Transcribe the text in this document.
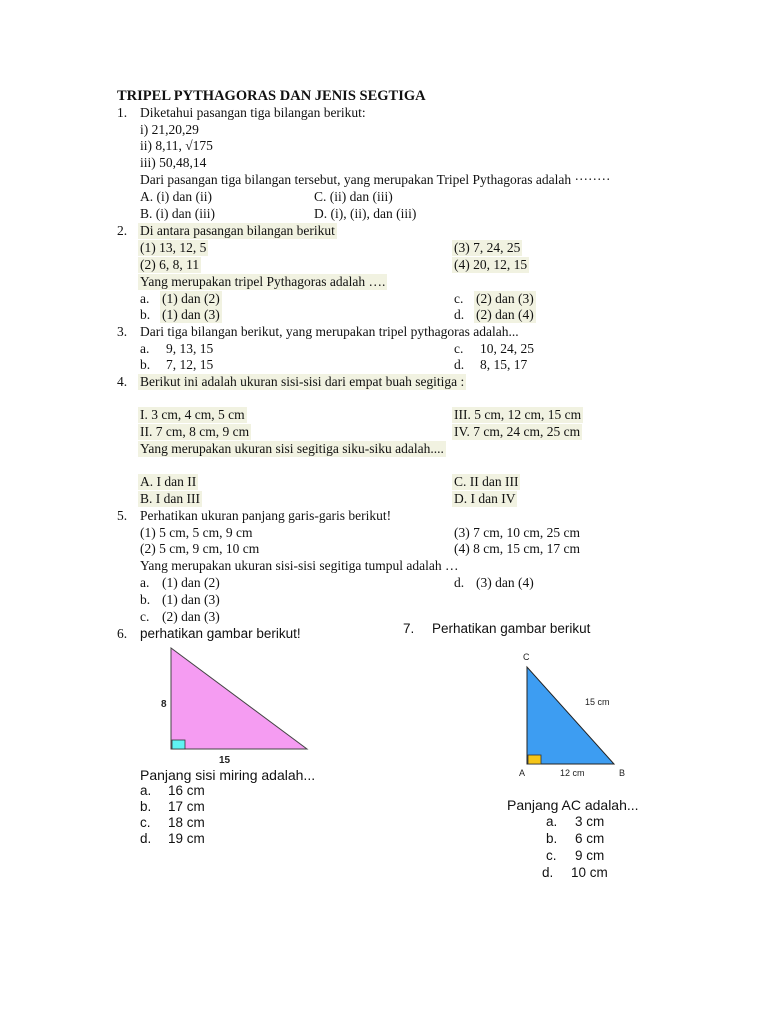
TRIPEL PYTHAGORAS DAN JENIS SEGTIGA
1. Diketahui pasangan tiga bilangan berikut:
i) 21,20,29
ii) 8,11, √175
iii) 50,48,14
Dari pasangan tiga bilangan tersebut, yang merupakan Tripel Pythagoras adalah ········
A. (i) dan (ii)	C. (ii) dan (iii)
B. (i) dan (iii)	D. (i), (ii), dan (iii)
2. Di antara pasangan bilangan berikut
(1) 13, 12, 5	(3) 7, 24, 25
(2) 6, 8, 11	(4) 20, 12, 15
Yang merupakan tripel Pythagoras adalah ….
a. (1) dan (2)	c. (2) dan (3)
b. (1) dan (3)	d. (2) dan (4)
3. Dari tiga bilangan berikut, yang merupakan tripel pythagoras adalah...
a. 9, 13, 15	c. 10, 24, 25
b. 7, 12, 15	d. 8, 15, 17
4. Berikut ini adalah ukuran sisi-sisi dari empat buah segitiga :
I. 3 cm, 4 cm, 5 cm	III. 5 cm, 12 cm, 15 cm
II. 7 cm, 8 cm, 9 cm	IV. 7 cm, 24 cm, 25 cm
Yang merupakan ukuran sisi segitiga siku-siku adalah....
A. I dan II	C. II dan III
B. I dan III	D. I dan IV
5. Perhatikan ukuran panjang garis-garis berikut!
(1) 5 cm, 5 cm, 9 cm	(3) 7 cm, 10 cm, 25 cm
(2) 5 cm, 9 cm, 10 cm	(4) 8 cm, 15 cm, 17 cm
Yang merupakan ukuran sisi-sisi segitiga tumpul adalah …
a. (1) dan (2)	d. (3) dan (4)
b. (1) dan (3)
c. (2) dan (3)
6. perhatikan gambar berikut!
8
15
Panjang sisi miring adalah...
a. 16 cm
b. 17 cm
c. 18 cm
d. 19 cm
7. Perhatikan gambar berikut
C
A	B
15 cm
12 cm
Panjang AC adalah...
a. 3 cm
b. 6 cm
c. 9 cm
d. 10 cm
